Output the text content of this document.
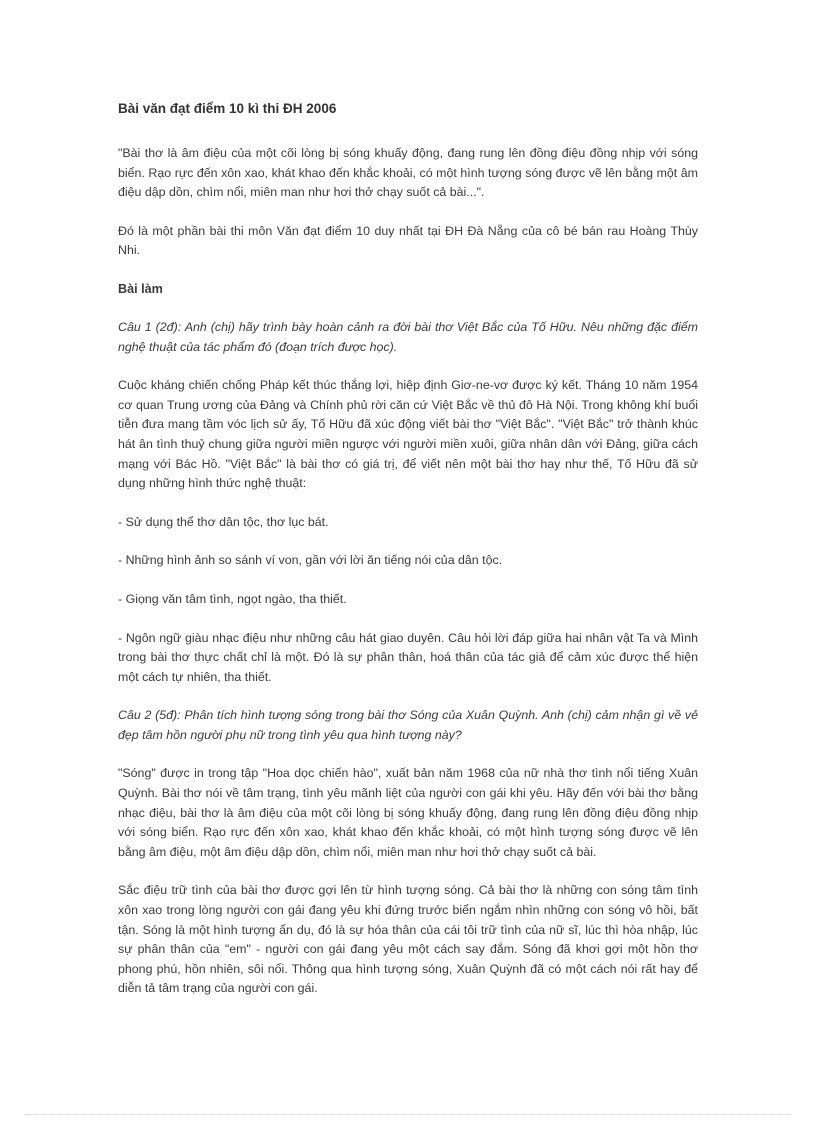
Bài văn đạt điểm 10 kì thi ĐH 2006

"Bài thơ là âm điệu của một cõi lòng bị sóng khuấy động, đang rung lên đồng điệu đồng nhịp với sóng biển. Rạo rực đến xôn xao, khát khao đến khắc khoải, có một hình tượng sóng được vẽ lên bằng một âm điệu dập dồn, chìm nổi, miên man như hơi thở chạy suốt cả bài...".

Đó là một phần bài thi môn Văn đạt điểm 10 duy nhất tại ĐH Đà Nẵng của cô bé bán rau Hoàng Thùy Nhi.

Bài làm

Câu 1 (2đ): Anh (chị) hãy trình bày hoàn cảnh ra đời bài thơ Việt Bắc của Tố Hữu. Nêu những đặc điểm nghệ thuật của tác phẩm đó (đoạn trích được học).

Cuộc kháng chiến chống Pháp kết thúc thắng lợi, hiệp định Giơ-ne-vơ được ký kết. Tháng 10 năm 1954 cơ quan Trung ương của Đảng và Chính phủ rời căn cứ Việt Bắc về thủ đô Hà Nội. Trong không khí buổi tiễn đưa mang tầm vóc lịch sử ấy, Tố Hữu đã xúc động viết bài thơ "Việt Bắc". "Việt Bắc" trở thành khúc hát ân tình thuỷ chung giữa người miền ngược với người miền xuôi, giữa nhân dân với Đảng, giữa cách mạng với Bác Hồ. "Việt Bắc" là bài thơ có giá trị, để viết nên một bài thơ hay như thế, Tố Hữu đã sử dụng những hình thức nghệ thuật:

- Sử dụng thể thơ dân tộc, thơ lục bát.

- Những hình ảnh so sánh ví von, gần với lời ăn tiếng nói của dân tộc.

- Giọng văn tâm tình, ngọt ngào, tha thiết.

- Ngôn ngữ giàu nhạc điệu như những câu hát giao duyên. Câu hỏi lời đáp giữa hai nhân vật Ta và Mình trong bài thơ thực chất chỉ là một. Đó là sự phân thân, hoá thân của tác giả để cảm xúc được thể hiện một cách tự nhiên, tha thiết.

Câu 2 (5đ): Phân tích hình tượng sóng trong bài thơ Sóng của Xuân Quỳnh. Anh (chị) cảm nhận gì về vẻ đẹp tâm hồn người phụ nữ trong tình yêu qua hình tượng này?

"Sóng" được in trong tập "Hoa dọc chiến hào", xuất bản năm 1968 của nữ nhà thơ tình nổi tiếng Xuân Quỳnh. Bài thơ nói về tâm trạng, tình yêu mãnh liệt của người con gái khi yêu. Hãy đến với bài thơ bằng nhạc điệu, bài thơ là âm điệu của một cõi lòng bị sóng khuấy động, đang rung lên đồng điệu đồng nhịp với sóng biển. Rạo rực đến xôn xao, khát khao đến khắc khoải, có một hình tượng sóng được vẽ lên bằng âm điệu, một âm điệu dập dồn, chìm nổi, miên man như hơi thở chạy suốt cả bài.

Sắc điệu trữ tình của bài thơ được gợi lên từ hình tượng sóng. Cả bài thơ là những con sóng tâm tình xôn xao trong lòng người con gái đang yêu khi đứng trước biển ngắm nhìn những con sóng vô hồi, bất tận. Sóng là một hình tượng ẩn dụ, đó là sự hóa thân của cái tôi trữ tình của nữ sĩ, lúc thì hòa nhập, lúc sự phân thân của "em" - người con gái đang yêu một cách say đắm. Sóng đã khơi gợi một hồn thơ phong phú, hồn nhiên, sôi nổi. Thông qua hình tượng sóng, Xuân Quỳnh đã có một cách nói rất hay để diễn tả tâm trạng của người con gái.
